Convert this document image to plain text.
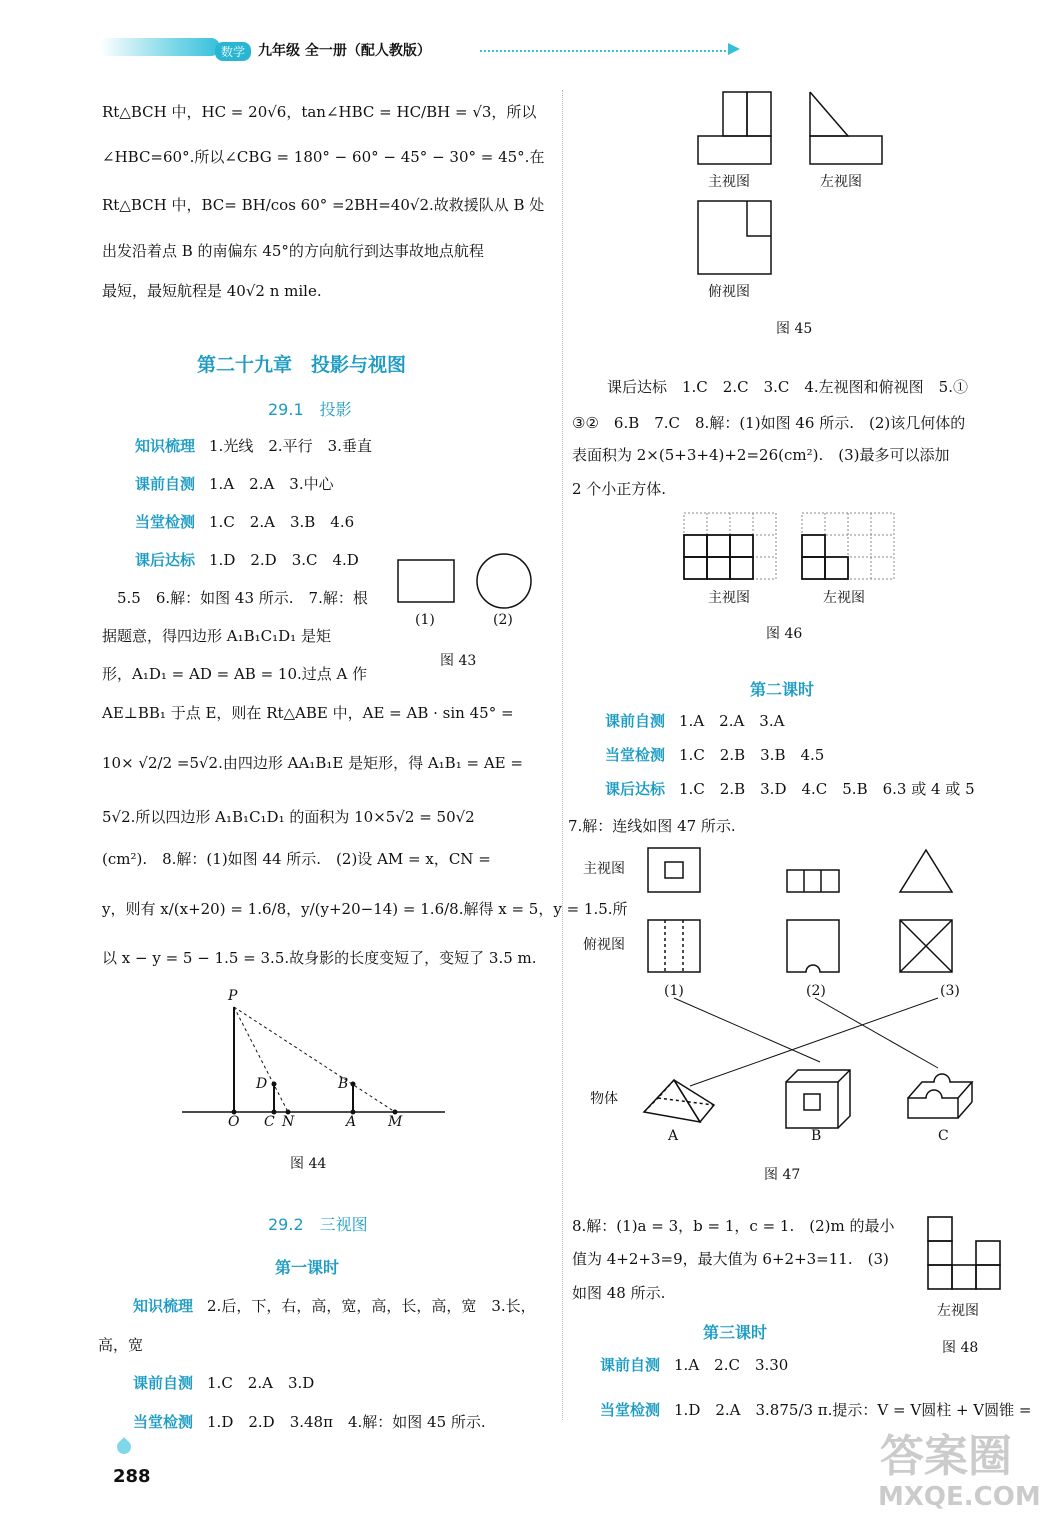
数学 九年级 全一册（配人教版）
Rt△BCH 中，HC = 20√6，tan∠HBC = HC/BH = √3，所以
∠HBC=60°.所以∠CBG = 180° − 60° − 45° − 30° = 45°.在
Rt△BCH 中，BC= BH/cos 60° =2BH=40√2.故救援队从 B 处
出发沿着点 B 的南偏东 45°的方向航行到达事故地点航程
最短，最短航程是 40√2 n mile.
第二十九章　投影与视图
29.1　投影
知识梳理 1.光线　2.平行　3.垂直
课前自测 1.A　2.A　3.中心
当堂检测 1.C　2.A　3.B　4.6
课后达标 1.D　2.D　3.C　4.D
5.5　6.解：如图 43 所示.　7.解：根
据题意，得四边形 A₁B₁C₁D₁ 是矩
形，A₁D₁ = AD = AB = 10.过点 A 作
AE⊥BB₁ 于点 E，则在 Rt△ABE 中，AE = AB · sin 45° =
10× √2/2 =5√2.由四边形 AA₁B₁E 是矩形，得 A₁B₁ = AE =
5√2.所以四边形 A₁B₁C₁D₁ 的面积为 10×5√2 = 50√2
(cm²).　8.解：(1)如图 44 所示.　(2)设 AM = x，CN =
y，则有 x/(x+20) = 1.6/8，y/(y+20−14) = 1.6/8.解得 x = 5，y = 1.5.所
以 x − y = 5 − 1.5 = 3.5.故身影的长度变短了，变短了 3.5 m.
(1)	(2)
图 43
P
D	B
O C N	A M
图 44
29.2　三视图
第一课时
知识梳理 2.后，下，右，高，宽，高，长，高，宽　3.长，
高，宽
课前自测 1.C　2.A　3.D
当堂检测 1.D　2.D　3.48π　4.解：如图 45 所示.
主视图	左视图
俯视图
图 45
课后达标　1.C　2.C　3.C　4.左视图和俯视图　5.①
③②　6.B　7.C　8.解：(1)如图 46 所示.　(2)该几何体的
表面积为 2×(5+3+4)+2=26(cm²).　(3)最多可以添加
2 个小正方体.
主视图	左视图
图 46
第二课时
课前自测 1.A　2.A　3.A
当堂检测 1.C　2.B　3.B　4.5
课后达标 1.C　2.B　3.D　4.C　5.B　6.3 或 4 或 5
7.解：连线如图 47 所示.
主视图
俯视图
(1)	(2)	(3)
物体
A	B	C
图 47
8.解：(1)a = 3，b = 1，c = 1.　(2)m 的最小
值为 4+2+3=9，最大值为 6+2+3=11.　(3)
如图 48 所示.
左视图
图 48
第三课时
课前自测 1.A　2.C　3.30
当堂检测 1.D　2.A　3.875/3 π.提示：V = V圆柱 + V圆锥 =
288	答案圈
MXQE.COM
